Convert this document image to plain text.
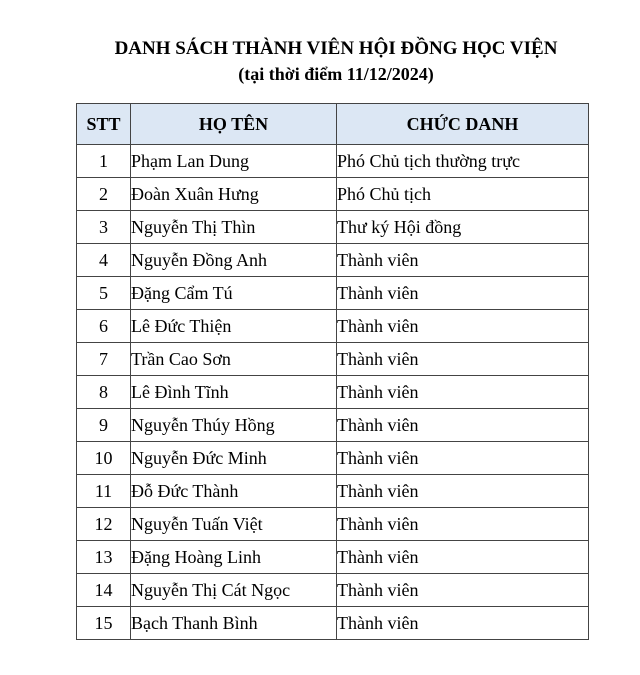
DANH SÁCH THÀNH VIÊN HỘI ĐỒNG HỌC VIỆN
(tại thời điểm 11/12/2024)
STT	HỌ TÊN	CHỨC DANH
1	Phạm Lan Dung	Phó Chủ tịch thường trực
2	Đoàn Xuân Hưng	Phó Chủ tịch
3	Nguyễn Thị Thìn	Thư ký Hội đồng
4	Nguyễn Đồng Anh	Thành viên
5	Đặng Cẩm Tú	Thành viên
6	Lê Đức Thiện	Thành viên
7	Trần Cao Sơn	Thành viên
8	Lê Đình Tĩnh	Thành viên
9	Nguyễn Thúy Hồng	Thành viên
10	Nguyễn Đức Minh	Thành viên
11	Đỗ Đức Thành	Thành viên
12	Nguyễn Tuấn Việt	Thành viên
13	Đặng Hoàng Linh	Thành viên
14	Nguyễn Thị Cát Ngọc	Thành viên
15	Bạch Thanh Bình	Thành viên
